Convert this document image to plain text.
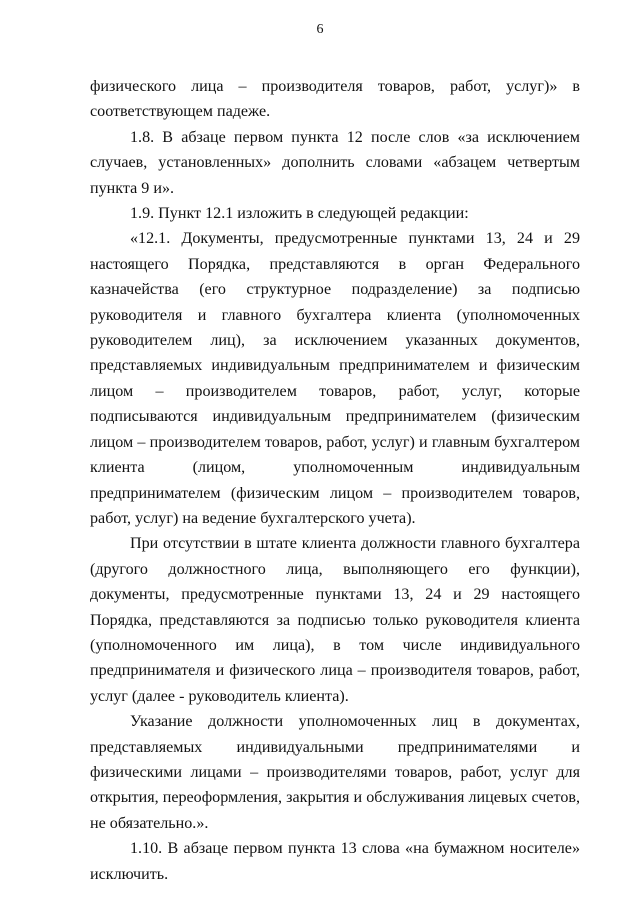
6

физического лица – производителя товаров, работ, услуг)» в соответствующем падеже.

1.8. В абзаце первом пункта 12 после слов «за исключением случаев, установленных» дополнить словами «абзацем четвертым пункта 9 и».

1.9. Пункт 12.1 изложить в следующей редакции:

«12.1. Документы, предусмотренные пунктами 13, 24 и 29 настоящего Порядка, представляются в орган Федерального казначейства (его структурное подразделение) за подписью руководителя и главного бухгалтера клиента (уполномоченных руководителем лиц), за исключением указанных документов, представляемых индивидуальным предпринимателем и физическим лицом – производителем товаров, работ, услуг, которые подписываются индивидуальным предпринимателем (физическим лицом – производителем товаров, работ, услуг) и главным бухгалтером клиента (лицом, уполномоченным индивидуальным предпринимателем (физическим лицом – производителем товаров, работ, услуг) на ведение бухгалтерского учета).

При отсутствии в штате клиента должности главного бухгалтера (другого должностного лица, выполняющего его функции), документы, предусмотренные пунктами 13, 24 и 29 настоящего Порядка, представляются за подписью только руководителя клиента (уполномоченного им лица), в том числе индивидуального предпринимателя и физического лица – производителя товаров, работ, услуг (далее - руководитель клиента).

Указание должности уполномоченных лиц в документах, представляемых индивидуальными предпринимателями и физическими лицами – производителями товаров, работ, услуг для открытия, переоформления, закрытия и обслуживания лицевых счетов, не обязательно.».

1.10. В абзаце первом пункта 13 слова «на бумажном носителе» исключить.
